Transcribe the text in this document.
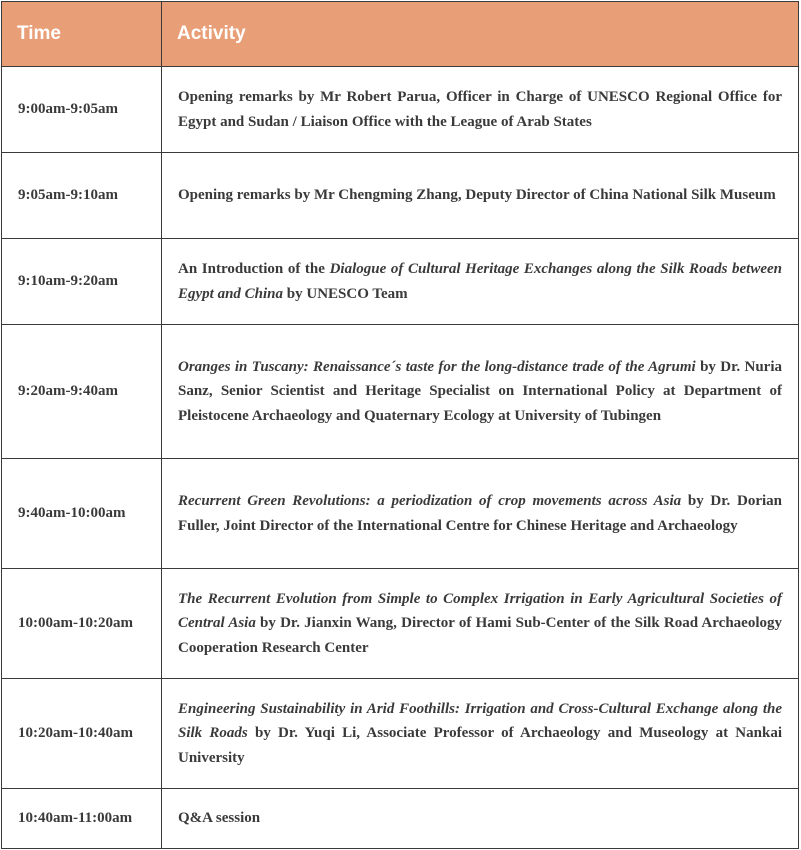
Time	Activity
9:00am-9:05am	Opening remarks by Mr Robert Parua, Officer in Charge of UNESCO Regional Office for Egypt and Sudan / Liaison Office with the League of Arab States
9:05am-9:10am	Opening remarks by Mr Chengming Zhang, Deputy Director of China National Silk Museum
9:10am-9:20am	An Introduction of the Dialogue of Cultural Heritage Exchanges along the Silk Roads between Egypt and China by UNESCO Team
9:20am-9:40am	Oranges in Tuscany: Renaissance´s taste for the long-distance trade of the Agrumi by Dr. Nuria Sanz, Senior Scientist and Heritage Specialist on International Policy at Department of Pleistocene Archaeology and Quaternary Ecology at University of Tubingen
9:40am-10:00am	Recurrent Green Revolutions: a periodization of crop movements across Asia by Dr. Dorian Fuller, Joint Director of the International Centre for Chinese Heritage and Archaeology
10:00am-10:20am	The Recurrent Evolution from Simple to Complex Irrigation in Early Agricultural Societies of Central Asia by Dr. Jianxin Wang, Director of Hami Sub-Center of the Silk Road Archaeology Cooperation Research Center
10:20am-10:40am	Engineering Sustainability in Arid Foothills: Irrigation and Cross-Cultural Exchange along the Silk Roads by Dr. Yuqi Li, Associate Professor of Archaeology and Museology at Nankai University
10:40am-11:00am	Q&A session
